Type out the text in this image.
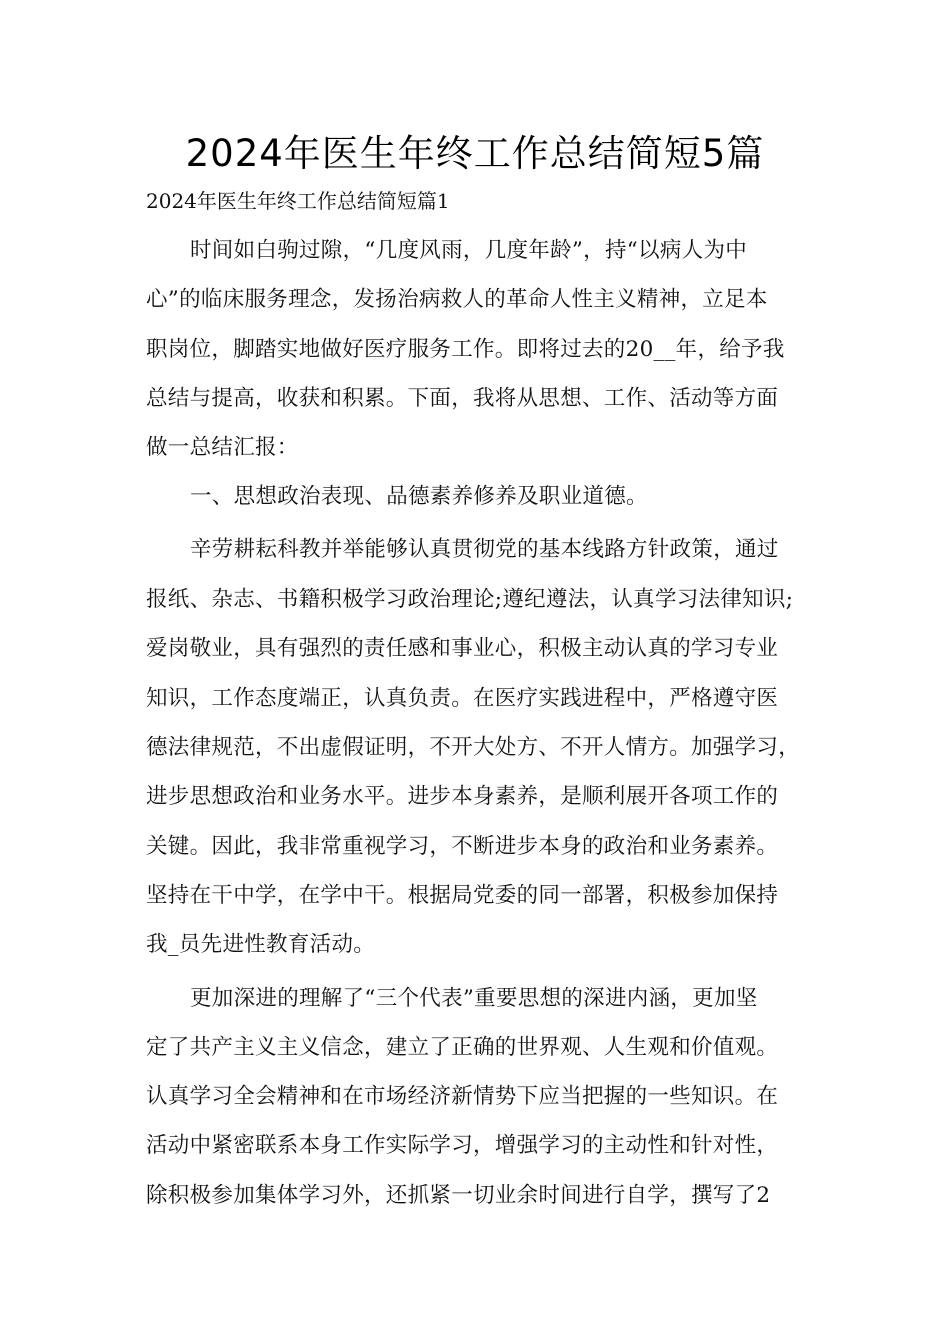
2024年医生年终工作总结简短5篇
2024年医生年终工作总结简短篇1
时间如白驹过隙，“几度风雨，几度年龄”，持“以病人为中
心”的临床服务理念，发扬治病救人的革命人性主义精神，立足本
职岗位，脚踏实地做好医疗服务工作。即将过去的20__年，给予我
总结与提高，收获和积累。下面，我将从思想、工作、活动等方面
做一总结汇报：
一、思想政治表现、品德素养修养及职业道德。
辛劳耕耘科教并举能够认真贯彻党的基本线路方针政策，通过
报纸、杂志、书籍积极学习政治理论;遵纪遵法，认真学习法律知识;
爱岗敬业，具有强烈的责任感和事业心，积极主动认真的学习专业
知识，工作态度端正，认真负责。在医疗实践进程中，严格遵守医
德法律规范，不出虚假证明，不开大处方、不开人情方。加强学习，
进步思想政治和业务水平。进步本身素养，是顺利展开各项工作的
关键。因此，我非常重视学习，不断进步本身的政治和业务素养。
坚持在干中学，在学中干。根据局党委的同一部署，积极参加保持
我_员先进性教育活动。
更加深进的理解了“三个代表”重要思想的深进内涵，更加坚
定了共产主义主义信念，建立了正确的世界观、人生观和价值观。
认真学习全会精神和在市场经济新情势下应当把握的一些知识。在
活动中紧密联系本身工作实际学习，增强学习的主动性和针对性，
除积极参加集体学习外，还抓紧一切业余时间进行自学，撰写了2
